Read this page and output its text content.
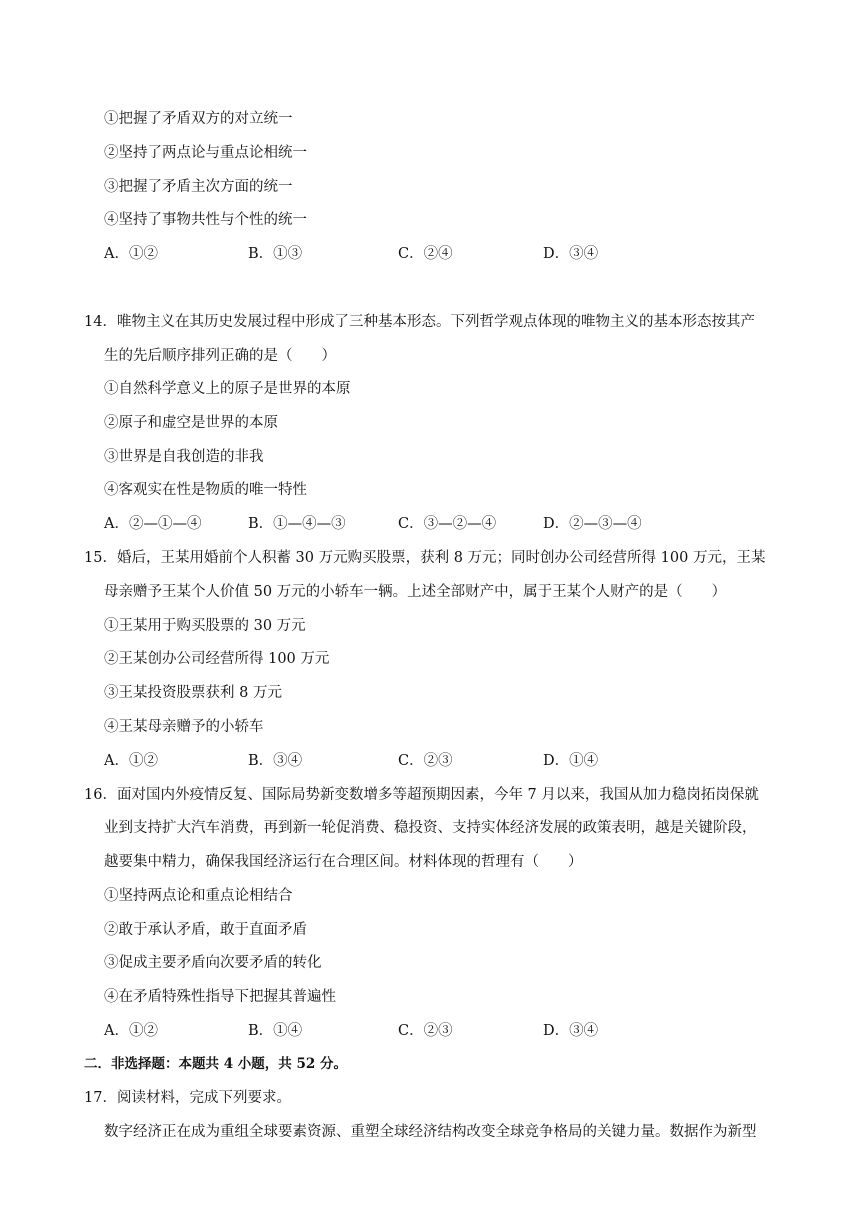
①把握了矛盾双方的对立统一
②坚持了两点论与重点论相统一
③把握了矛盾主次方面的统一
④坚持了事物共性与个性的统一
A．①②	B．①③	C．②④	D．③④
14．唯物主义在其历史发展过程中形成了三种基本形态。下列哲学观点体现的唯物主义的基本形态按其产
生的先后顺序排列正确的是（　　）
①自然科学意义上的原子是世界的本原
②原子和虚空是世界的本原
③世界是自我创造的非我
④客观实在性是物质的唯一特性
A．②—①—④	B．①—④—③	C．③—②—④	D．②—③—④
15．婚后，王某用婚前个人积蓄 30 万元购买股票，获利 8 万元；同时创办公司经营所得 100 万元，王某
母亲赠予王某个人价值 50 万元的小轿车一辆。上述全部财产中，属于王某个人财产的是（　　）
①王某用于购买股票的 30 万元
②王某创办公司经营所得 100 万元
③王某投资股票获利 8 万元
④王某母亲赠予的小轿车
A．①②	B．③④	C．②③	D．①④
16．面对国内外疫情反复、国际局势新变数增多等超预期因素，今年 7 月以来，我国从加力稳岗拓岗保就
业到支持扩大汽车消费，再到新一轮促消费、稳投资、支持实体经济发展的政策表明，越是关键阶段，
越要集中精力，确保我国经济运行在合理区间。材料体现的哲理有（　　）
①坚持两点论和重点论相结合
②敢于承认矛盾，敢于直面矛盾
③促成主要矛盾向次要矛盾的转化
④在矛盾特殊性指导下把握其普遍性
A．①②	B．①④	C．②③	D．③④
二．非选择题：本题共 4 小题，共 52 分。
17．阅读材料，完成下列要求。
数字经济正在成为重组全球要素资源、重塑全球经济结构改变全球竞争格局的关键力量。数据作为新型
